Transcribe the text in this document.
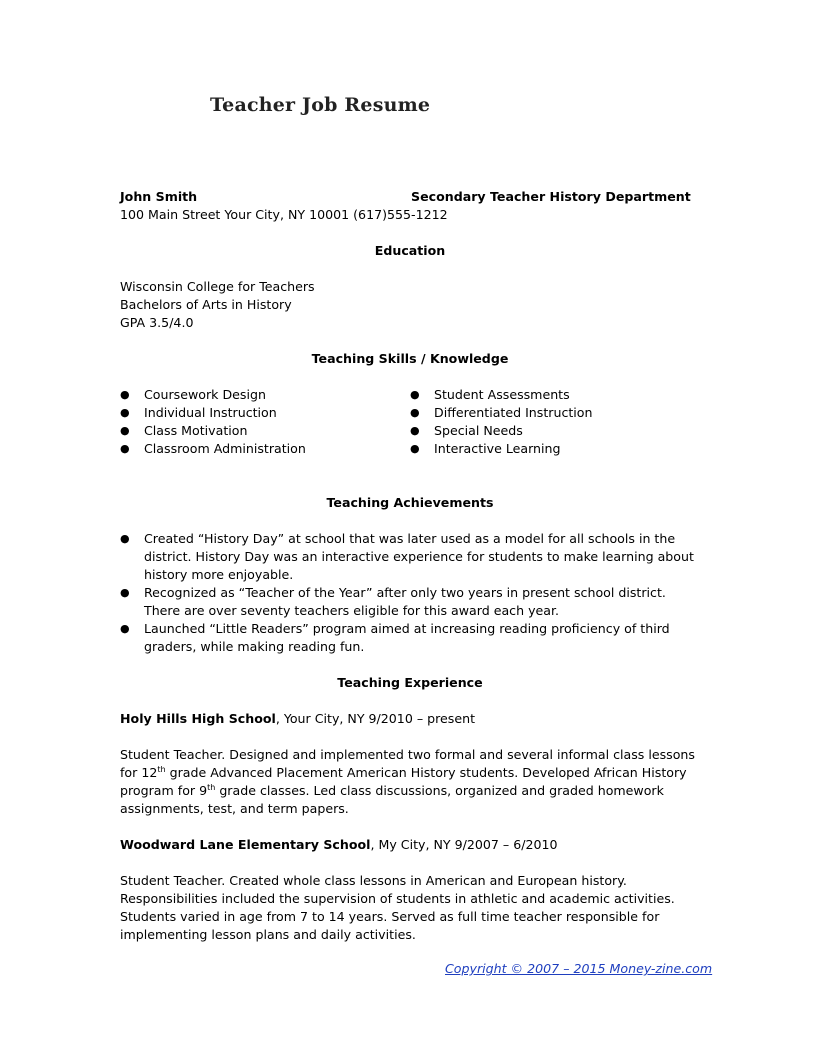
Teacher Job Resume
John Smith	Secondary Teacher History Department
100 Main Street Your City, NY 10001 (617)555-1212
Education
Wisconsin College for Teachers
Bachelors of Arts in History
GPA 3.5/4.0
Teaching Skills / Knowledge
●	Coursework Design
●	Individual Instruction
●	Class Motivation
●	Classroom Administration
●	Student Assessments
●	Differentiated Instruction
●	Special Needs
●	Interactive Learning
Teaching Achievements
●	Created “History Day” at school that was later used as a model for all schools in the district. History Day was an interactive experience for students to make learning about history more enjoyable.
●	Recognized as “Teacher of the Year” after only two years in present school district. There are over seventy teachers eligible for this award each year.
●	Launched “Little Readers” program aimed at increasing reading proficiency of third graders, while making reading fun.
Teaching Experience
Holy Hills High School, Your City, NY 9/2010 – present
Student Teacher. Designed and implemented two formal and several informal class lessons for 12th grade Advanced Placement American History students. Developed African History program for 9th grade classes. Led class discussions, organized and graded homework assignments, test, and term papers.
Woodward Lane Elementary School, My City, NY 9/2007 – 6/2010
Student Teacher. Created whole class lessons in American and European history. Responsibilities included the supervision of students in athletic and academic activities. Students varied in age from 7 to 14 years. Served as full time teacher responsible for implementing lesson plans and daily activities.
Copyright © 2007 – 2015 Money-zine.com
